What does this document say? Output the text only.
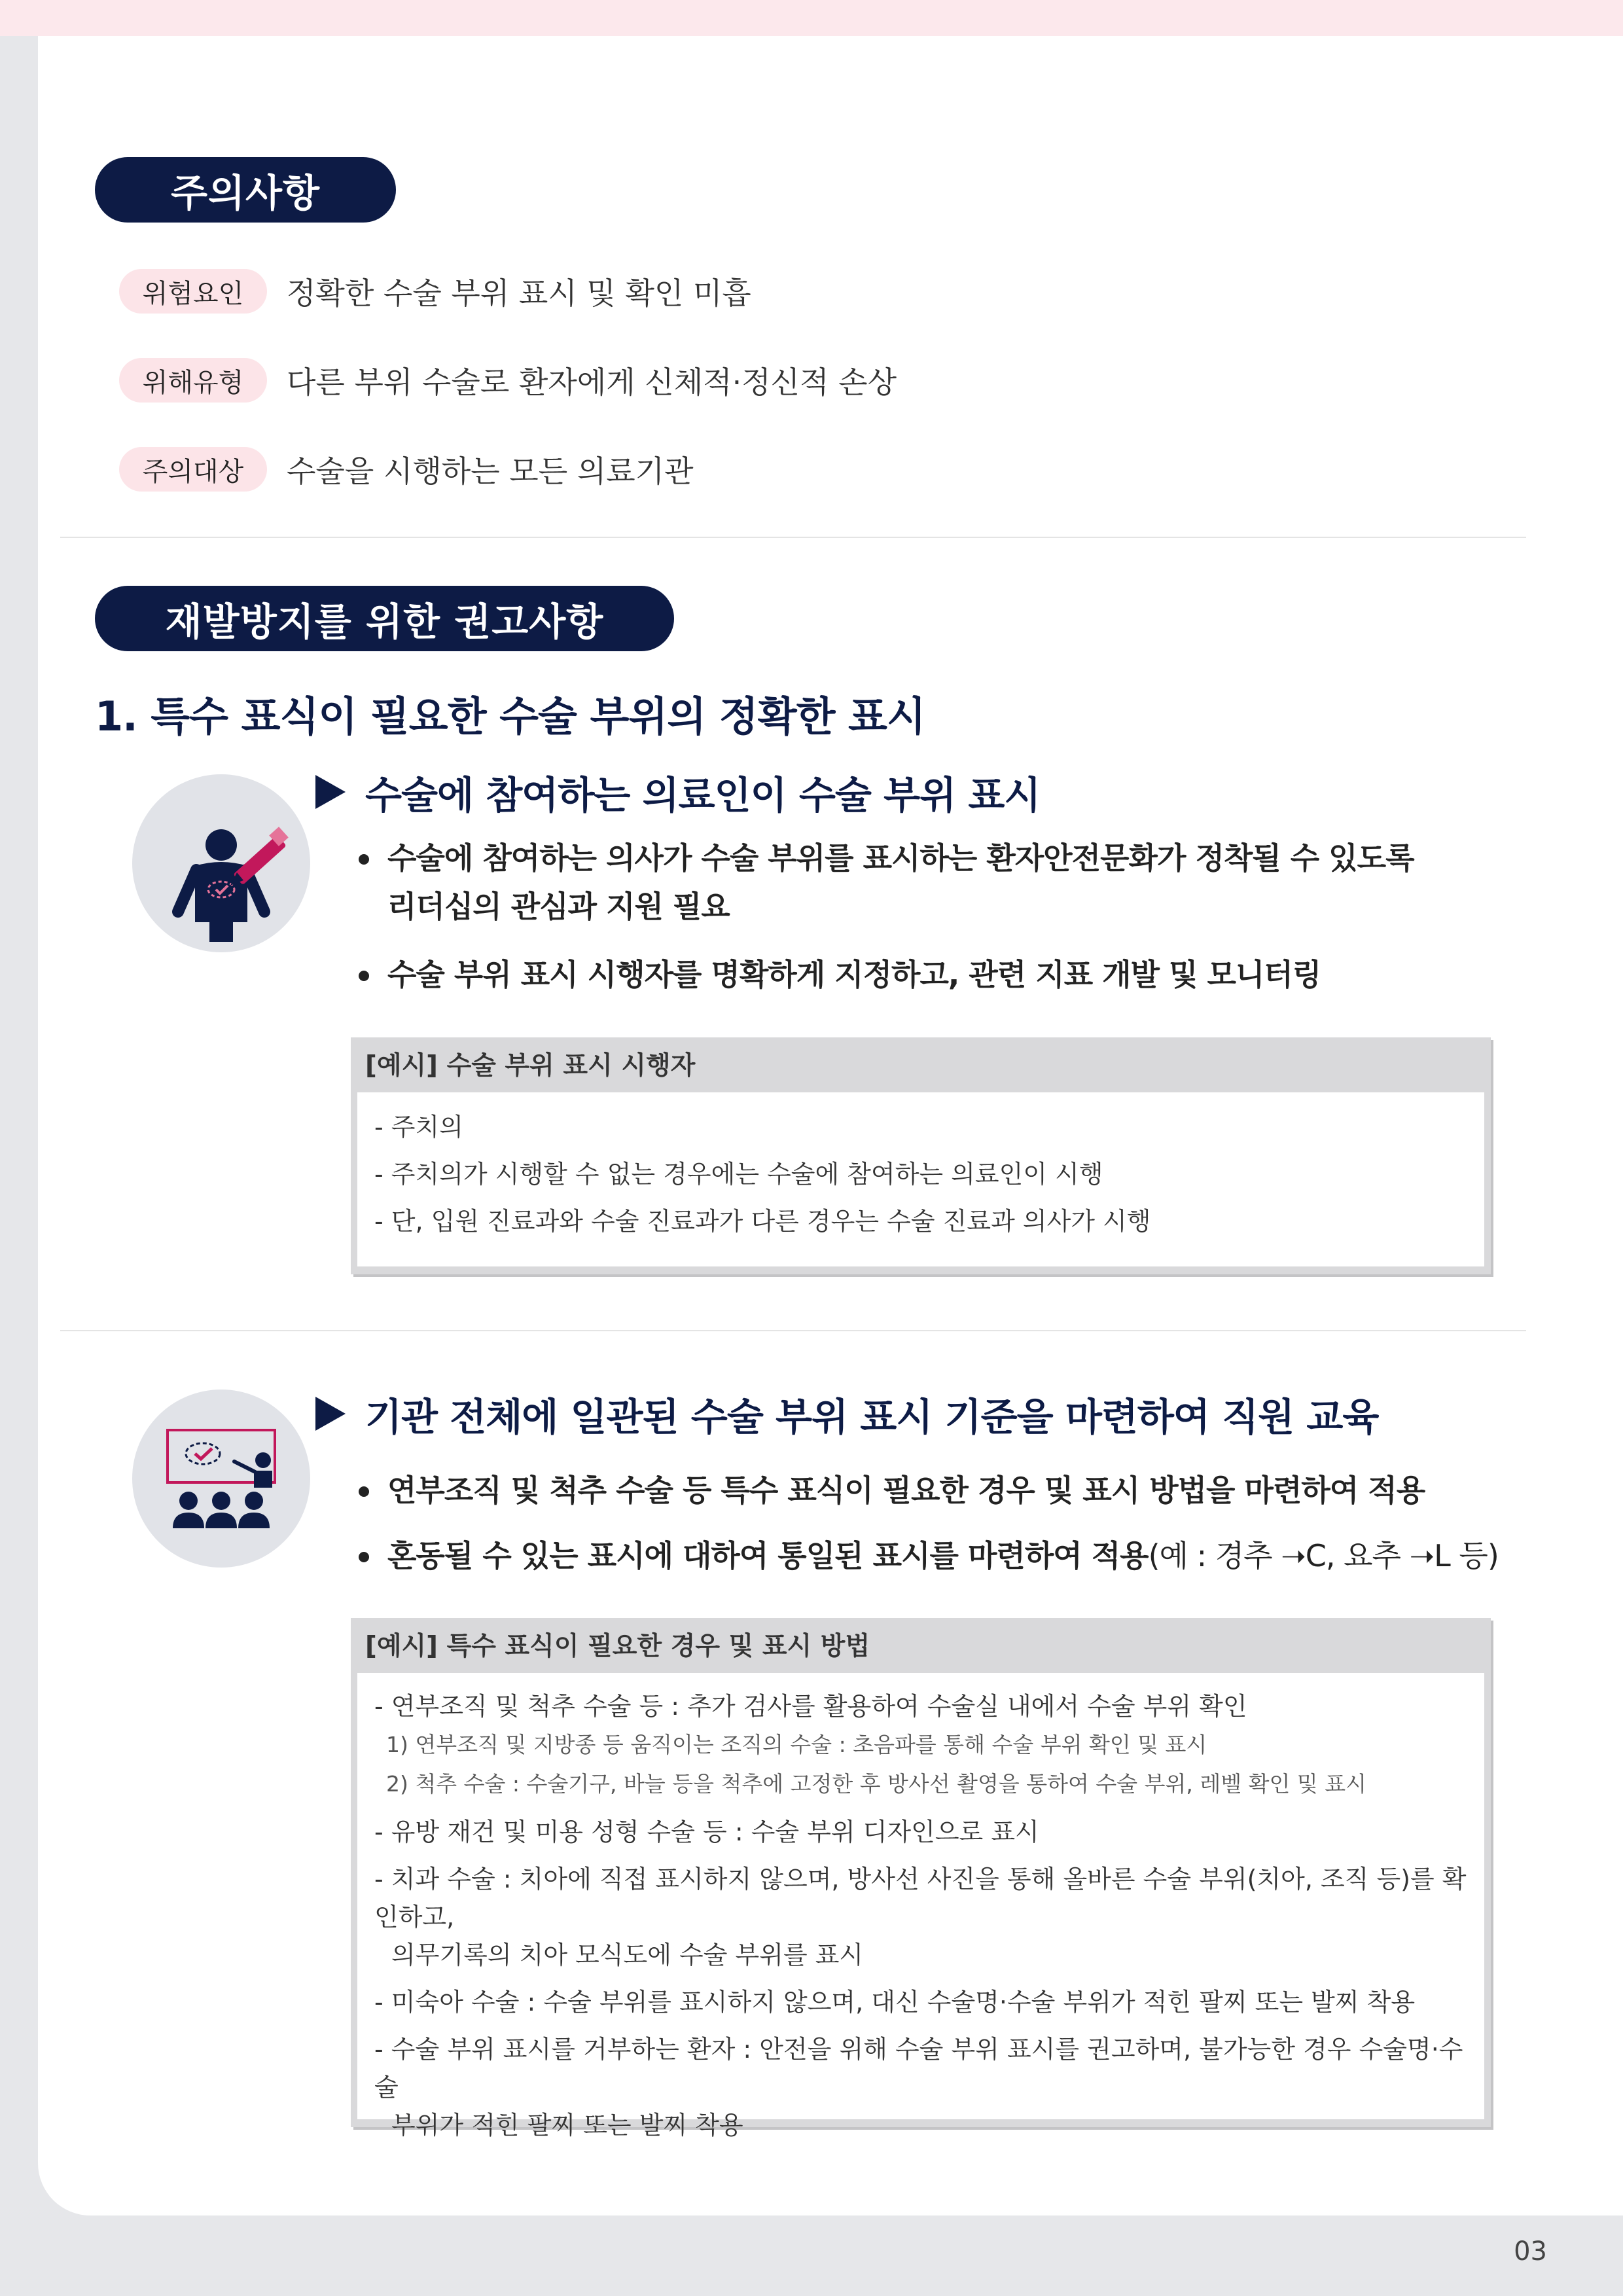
주의사항
위험요인	정확한 수술 부위 표시 및 확인 미흡
위해유형	다른 부위 수술로 환자에게 신체적·정신적 손상
주의대상	수술을 시행하는 모든 의료기관
재발방지를 위한 권고사항
1. 특수 표식이 필요한 수술 부위의 정확한 표시
수술에 참여하는 의료인이 수술 부위 표시
수술에 참여하는 의사가 수술 부위를 표시하는 환자안전문화가 정착될 수 있도록
리더십의 관심과 지원 필요
수술 부위 표시 시행자를 명확하게 지정하고, 관련 지표 개발 및 모니터링
[예시] 수술 부위 표시 시행자
- 주치의
- 주치의가 시행할 수 없는 경우에는 수술에 참여하는 의료인이 시행
- 단, 입원 진료과와 수술 진료과가 다른 경우는 수술 진료과 의사가 시행
기관 전체에 일관된 수술 부위 표시 기준을 마련하여 직원 교육
연부조직 및 척추 수술 등 특수 표식이 필요한 경우 및 표시 방법을 마련하여 적용
혼동될 수 있는 표시에 대하여 통일된 표시를 마련하여 적용(예 : 경추 ➝C, 요추 ➝L 등)
[예시] 특수 표식이 필요한 경우 및 표시 방법
- 연부조직 및 척추 수술 등 : 추가 검사를 활용하여 수술실 내에서 수술 부위 확인
1) 연부조직 및 지방종 등 움직이는 조직의 수술 : 초음파를 통해 수술 부위 확인 및 표시
2) 척추 수술 : 수술기구, 바늘 등을 척추에 고정한 후 방사선 촬영을 통하여 수술 부위, 레벨 확인 및 표시
- 유방 재건 및 미용 성형 수술 등 : 수술 부위 디자인으로 표시
- 치과 수술 : 치아에 직접 표시하지 않으며, 방사선 사진을 통해 올바른 수술 부위(치아, 조직 등)를 확인하고,
의무기록의 치아 모식도에 수술 부위를 표시
- 미숙아 수술 : 수술 부위를 표시하지 않으며, 대신 수술명·수술 부위가 적힌 팔찌 또는 발찌 착용
- 수술 부위 표시를 거부하는 환자 : 안전을 위해 수술 부위 표시를 권고하며, 불가능한 경우 수술명·수술
부위가 적힌 팔찌 또는 발찌 착용
03
